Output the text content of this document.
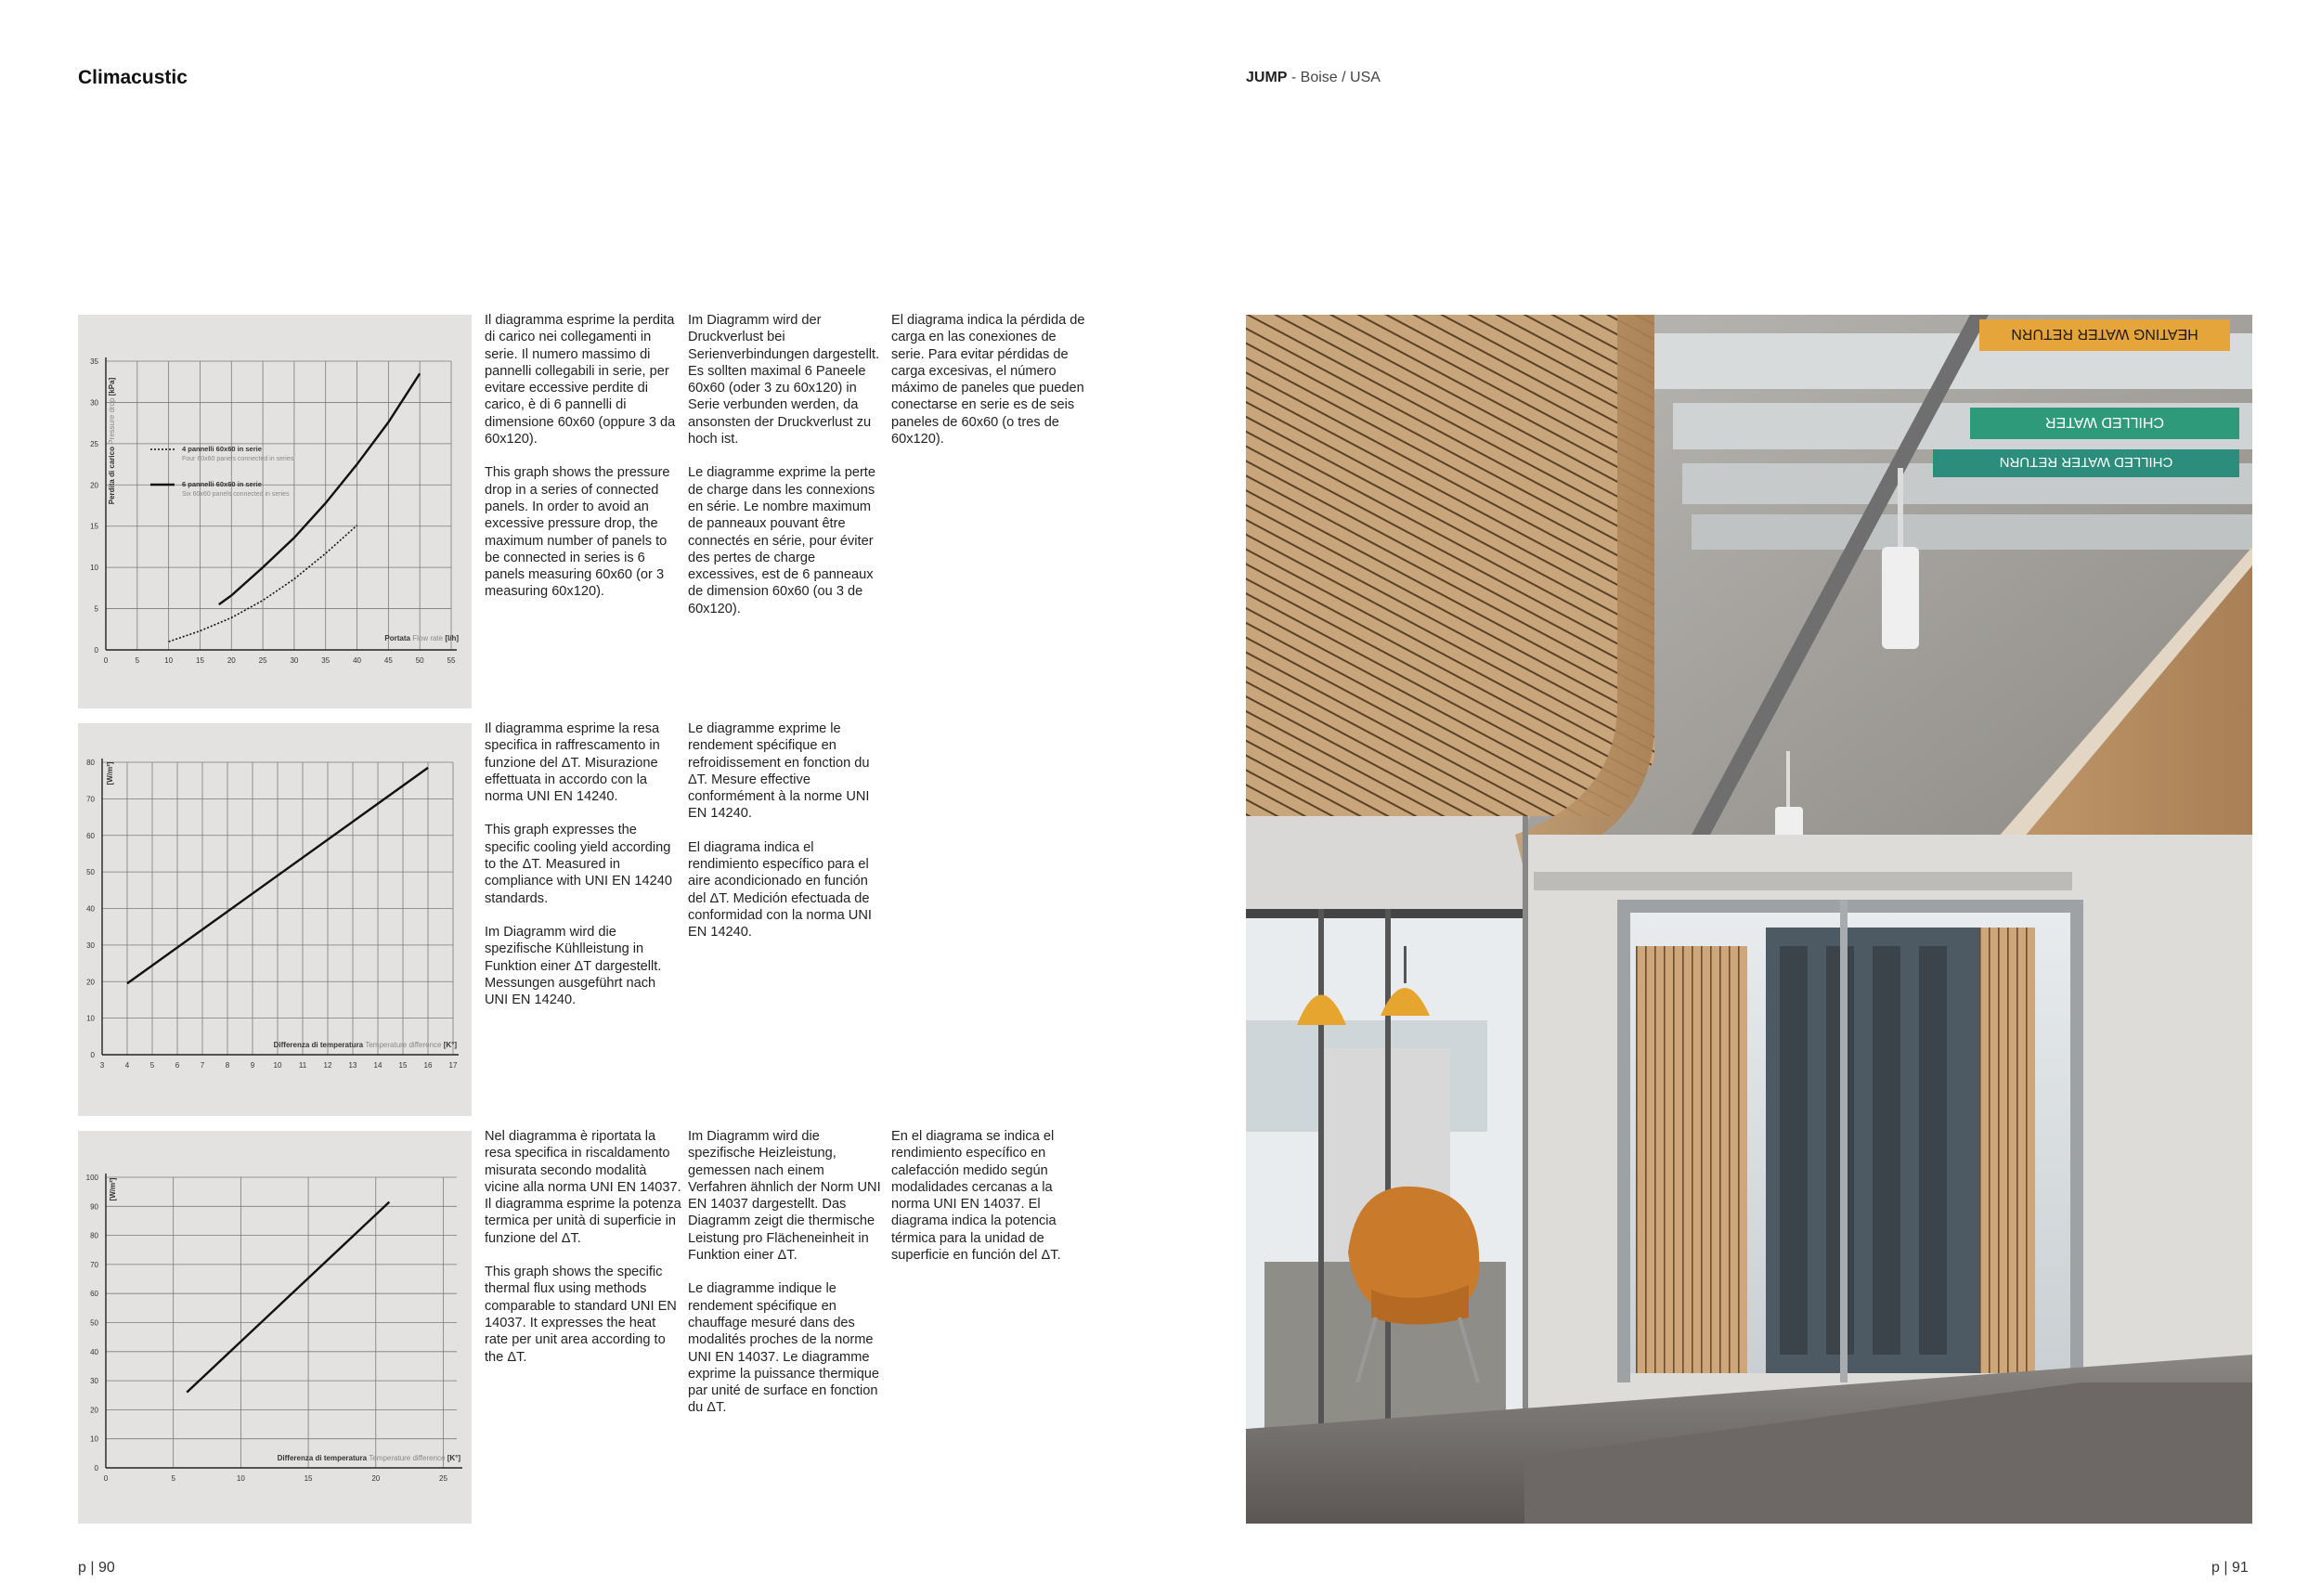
Climacustic	JUMP - Boise / USA
0	5	10	15	20	25	30	35	40	45	50	55
0
5
10
15
20
25
30
35
Perdita di carico Pressure drop [kPa]
Portata Flow rate [l/h]
4 pannelli 60x60 in serie
Four 60x60 panels connected in series
6 pannelli 60x60 in serie
Six 60x60 panels connected in series
3	4	5	6	7	8	9	10 11 12 13 14 15 16 17
0
10
20
30
40
50
60
70
80 [W/m²]
Differenza di temperatura Temperature difference [K°]
0	5	10	15	20	25
0
10
20
30
40
50
60
70
80
90
100
[W/m²]
Differenza di temperatura Temperature difference [K°]

Il diagramma esprime la perdita di carico nei collegamenti in serie. Il numero massimo di pannelli collegabili in serie, per evitare eccessive perdite di carico, è di 6 pannelli di dimensione 60x60 (oppure 3 da 60x120).

This graph shows the pressure drop in a series of connected panels. In order to avoid an excessive pressure drop, the maximum number of panels to be connected in series is 6 panels measuring 60x60 (or 3 measuring 60x120).

Im Diagramm wird der Druckverlust bei Serienverbindungen dargestellt. Es sollten maximal 6 Paneele 60x60 (oder 3 zu 60x120) in Serie verbunden werden, da ansonsten der Druckverlust zu hoch ist.

Le diagramme exprime la perte de charge dans les connexions en série. Le nombre maximum de panneaux pouvant être connectés en série, pour éviter des pertes de charge excessives, est de 6 panneaux de dimension 60x60 (ou 3 de 60x120).

El diagrama indica la pérdida de carga en las conexiones de serie. Para evitar pérdidas de carga excesivas, el número máximo de paneles que pueden conectarse en serie es de seis paneles de 60x60 (o tres de 60x120).

Il diagramma esprime la resa specifica in raffrescamento in funzione del ΔT. Misurazione effettuata in accordo con la norma UNI EN 14240.

This graph expresses the specific cooling yield according to the ΔT. Measured in compliance with UNI EN 14240 standards.

Im Diagramm wird die spezifische Kühlleistung in Funktion einer ΔT dargestellt. Messungen ausgeführt nach UNI EN 14240.

Le diagramme exprime le rendement spécifique en refroidissement en fonction du ΔT. Mesure effective conformément à la norme UNI EN 14240.

El diagrama indica el rendimiento específico para el aire acondicionado en función del ΔT. Medición efectuada de conformidad con la norma UNI EN 14240.

Nel diagramma è riportata la resa specifica in riscaldamento misurata secondo modalità vicine alla norma UNI EN 14037. Il diagramma esprime la potenza termica per unità di superficie in funzione del ΔT.

This graph shows the specific thermal flux using methods comparable to standard UNI EN 14037. It expresses the heat rate per unit area according to the ΔT.

Im Diagramm wird die spezifische Heizleistung, gemessen nach einem Verfahren ähnlich der Norm UNI EN 14037 dargestellt. Das Diagramm zeigt die thermische Leistung pro Flächeneinheit in Funktion einer ΔT.

Le diagramme indique le rendement spécifique en chauffage mesuré dans des modalités proches de la norme UNI EN 14037. Le diagramme exprime la puissance thermique par unité de surface en fonction du ΔT.

En el diagrama se indica el rendimiento específico en calefacción medido según modalidades cercanas a la norma UNI EN 14037. El diagrama indica la potencia térmica para la unidad de superficie en función del ΔT.

HEATING WATER RETURN
CHILLED WATER
CHILLED WATER RETURN
p | 90	p | 91
